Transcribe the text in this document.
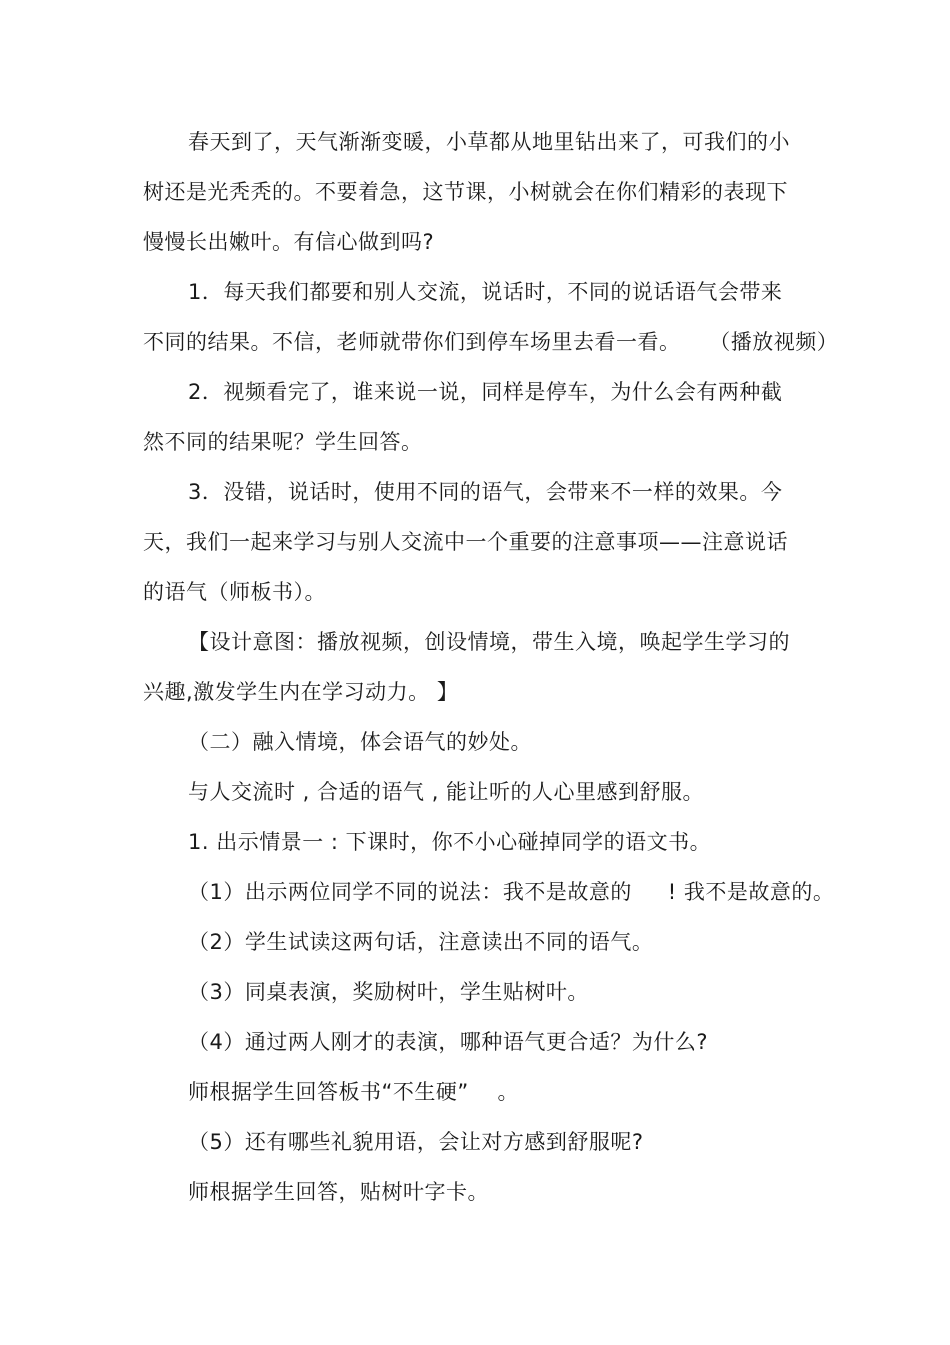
春天到了，天气渐渐变暖，小草都从地里钻出来了，可我们的小
树还是光秃秃的。不要着急，这节课，小树就会在你们精彩的表现下
慢慢长出嫩叶。有信心做到吗?
1．每天我们都要和别人交流，说话时，不同的说话语气会带来
不同的结果。不信，老师就带你们到停车场里去看一看。    （播放视频）
2．视频看完了，谁来说一说，同样是停车，为什么会有两种截
然不同的结果呢？学生回答。
3．没错，说话时，使用不同的语气，会带来不一样的效果。今
天，我们一起来学习与别人交流中一个重要的注意事项——注意说话
的语气（师板书）。
【设计意图：播放视频，创设情境，带生入境，唤起学生学习的
兴趣,激发学生内在学习动力。 】
（二）融入情境，体会语气的妙处。
与人交流时 , 合适的语气 , 能让听的人心里感到舒服。
1. 出示情景一 : 下课时，你不小心碰掉同学的语文书。
（1）出示两位同学不同的说法：我不是故意的     ! 我不是故意的。
（2）学生试读这两句话，注意读出不同的语气。
（3）同桌表演，奖励树叶，学生贴树叶。
（4）通过两人刚才的表演，哪种语气更合适？为什么?
师根据学生回答板书“不生硬”    。
（5）还有哪些礼貌用语，会让对方感到舒服呢?
师根据学生回答，贴树叶字卡。
